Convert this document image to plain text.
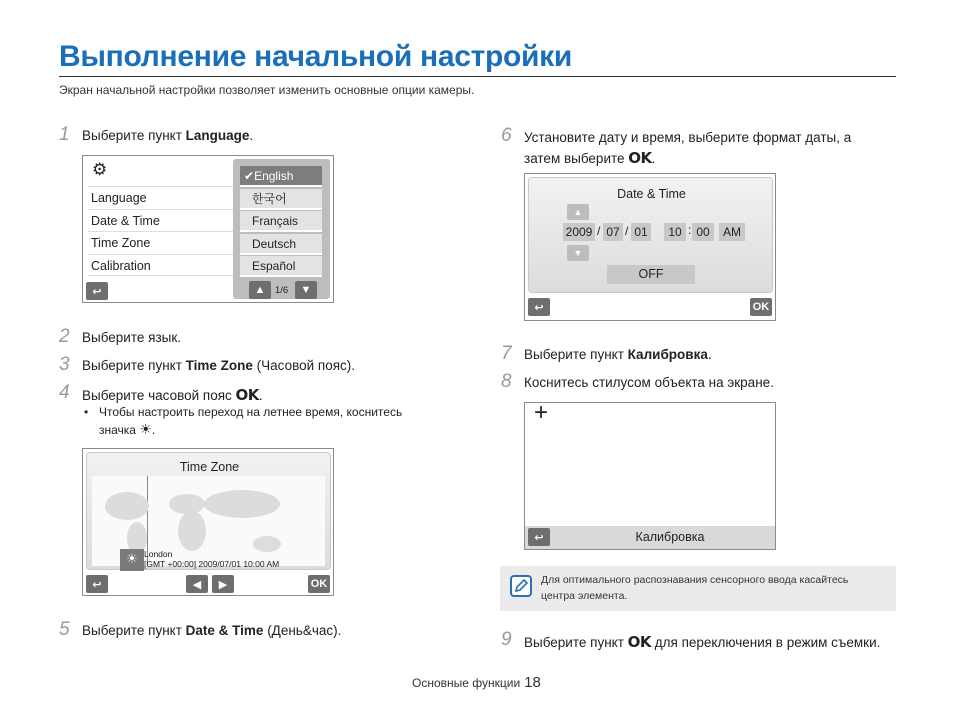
Выполнение начальной настройки
Экран начальной настройки позволяет изменить основные опции камеры.
1 Выберите пункт Language.
⚙
Language
Date & Time
Time Zone
Calibration
↩
✔English
한국어
Français
Deutsch
Español
▲ 1/6 ▼
2 Выберите язык.
3 Выберите пункт Time Zone (Часовой пояс).
4 Выберите часовой пояс OK.
• Чтобы настроить переход на летнее время, коснитесь
значка ☀.
Time Zone
☀ London
[GMT +00:00] 2009/07/01 10:00 AM
↩	◀ ▶	OK
5 Выберите пункт Date & Time (День&час).
6 Установите дату и время, выберите формат даты, а
затем выберите OK.
Date & Time
▲
2009 / 07 / 01	10 : 00	AM
▼
OFF
↩	OK
7 Выберите пункт Калибровка.
8 Коснитесь стилусом объекта на экране.
+
↩	Калибровка
Для оптимального распознавания сенсорного ввода касайтесь
центра элемента.
9 Выберите пункт OK для переключения в режим съемки.
Основные функции 18
